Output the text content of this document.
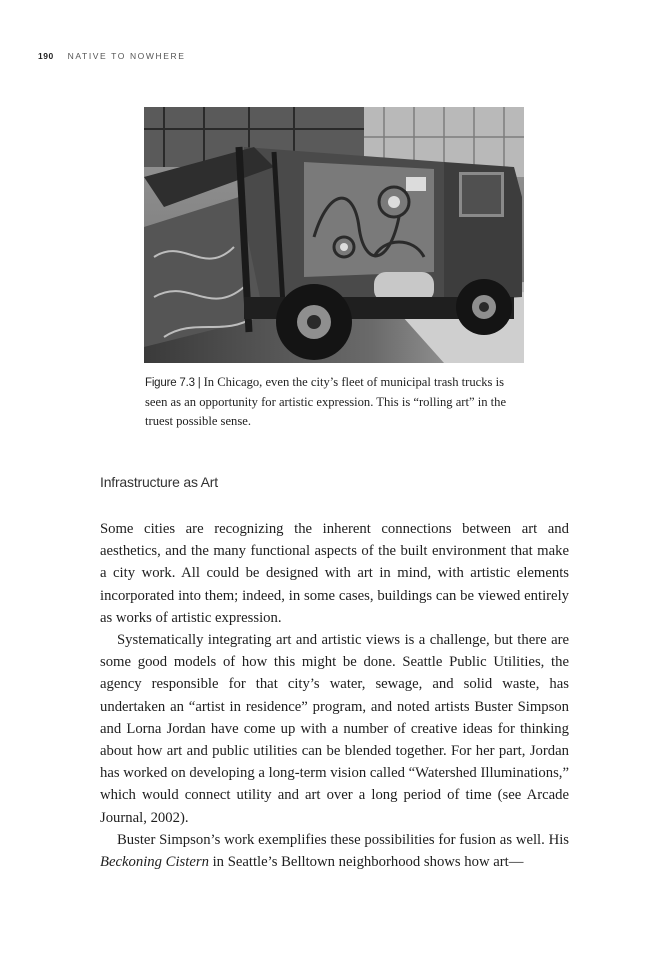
190 NATIVE TO NOWHERE
Figure 7.3 | In Chicago, even the city’s fleet of municipal trash trucks is seen as an opportunity for artistic expression. This is “rolling art” in the truest possible sense.
Infrastructure as Art

Some cities are recognizing the inherent connections between art and aesthetics, and the many functional aspects of the built environment that make a city work. All could be designed with art in mind, with artistic elements incorporated into them; indeed, in some cases, buildings can be viewed entirely as works of artistic expression.

Systematically integrating art and artistic views is a challenge, but there are some good models of how this might be done. Seattle Public Utilities, the agency responsible for that city’s water, sewage, and solid waste, has undertaken an “artist in residence” program, and noted artists Buster Simpson and Lorna Jordan have come up with a number of creative ideas for thinking about how art and public utilities can be blended together. For her part, Jordan has worked on developing a long-term vision called “Watershed Illuminations,” which would connect utility and art over a long period of time (see Arcade Journal, 2002).

Buster Simpson’s work exemplifies these possibilities for fusion as well. His Beckoning Cistern in Seattle’s Belltown neighborhood shows how art—
